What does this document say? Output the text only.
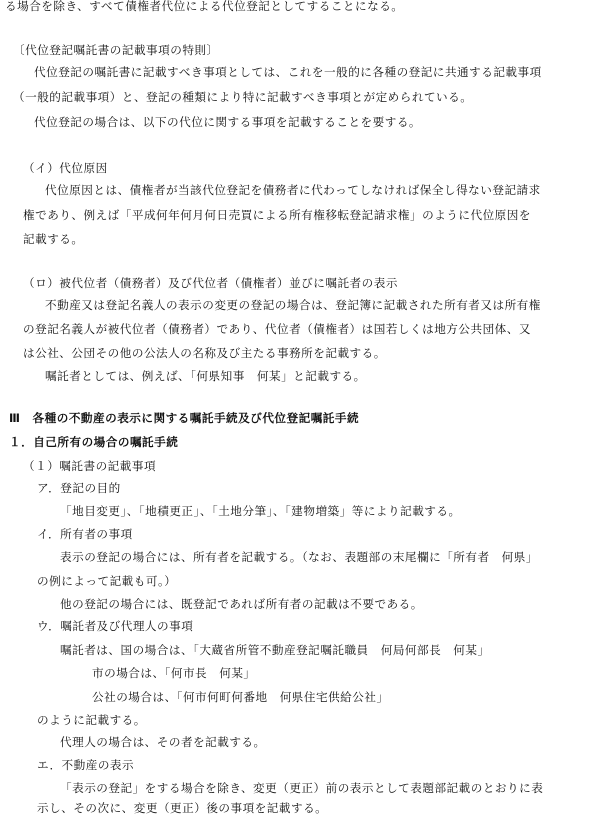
る場合を除き、すべて債権者代位による代位登記としてすることになる。
〔代位登記嘱託書の記載事項の特則〕
代位登記の嘱託書に記載すべき事項としては、これを一般的に各種の登記に共通する記載事項
（一般的記載事項）と、登記の種類により特に記載すべき事項とが定められている。
代位登記の場合は、以下の代位に関する事項を記載することを要する。
（イ）代位原因
代位原因とは、債権者が当該代位登記を債務者に代わってしなければ保全し得ない登記請求
権であり、例えば「平成何年何月何日売買による所有権移転登記請求権」のように代位原因を
記載する。
（ロ）被代位者（債務者）及び代位者（債権者）並びに嘱託者の表示
不動産又は登記名義人の表示の変更の登記の場合は、登記簿に記載された所有者又は所有権
の登記名義人が被代位者（債務者）であり、代位者（債権者）は国若しくは地方公共団体、又
は公社、公団その他の公法人の名称及び主たる事務所を記載する。
嘱託者としては、例えば、「何県知事　何某」と記載する。
Ⅲ　各種の不動産の表示に関する嘱託手続及び代位登記嘱託手続
１．自己所有の場合の嘱託手続
（１）嘱託書の記載事項
ア．登記の目的
「地目変更」、「地積更正」、「土地分筆」、「建物増築」等により記載する。
イ．所有者の事項
表示の登記の場合には、所有者を記載する。（なお、表題部の末尾欄に「所有者　何県」
の例によって記載も可。）
他の登記の場合には、既登記であれば所有者の記載は不要である。
ウ．嘱託者及び代理人の事項
嘱託者は、国の場合は、「大蔵省所管不動産登記嘱託職員　何局何部長　何某」
市の場合は、「何市長　何某」
公社の場合は、「何市何町何番地　何県住宅供給公社」
のように記載する。
代理人の場合は、その者を記載する。
エ．不動産の表示
「表示の登記」をする場合を除き、変更（更正）前の表示として表題部記載のとおりに表
示し、その次に、変更（更正）後の事項を記載する。
